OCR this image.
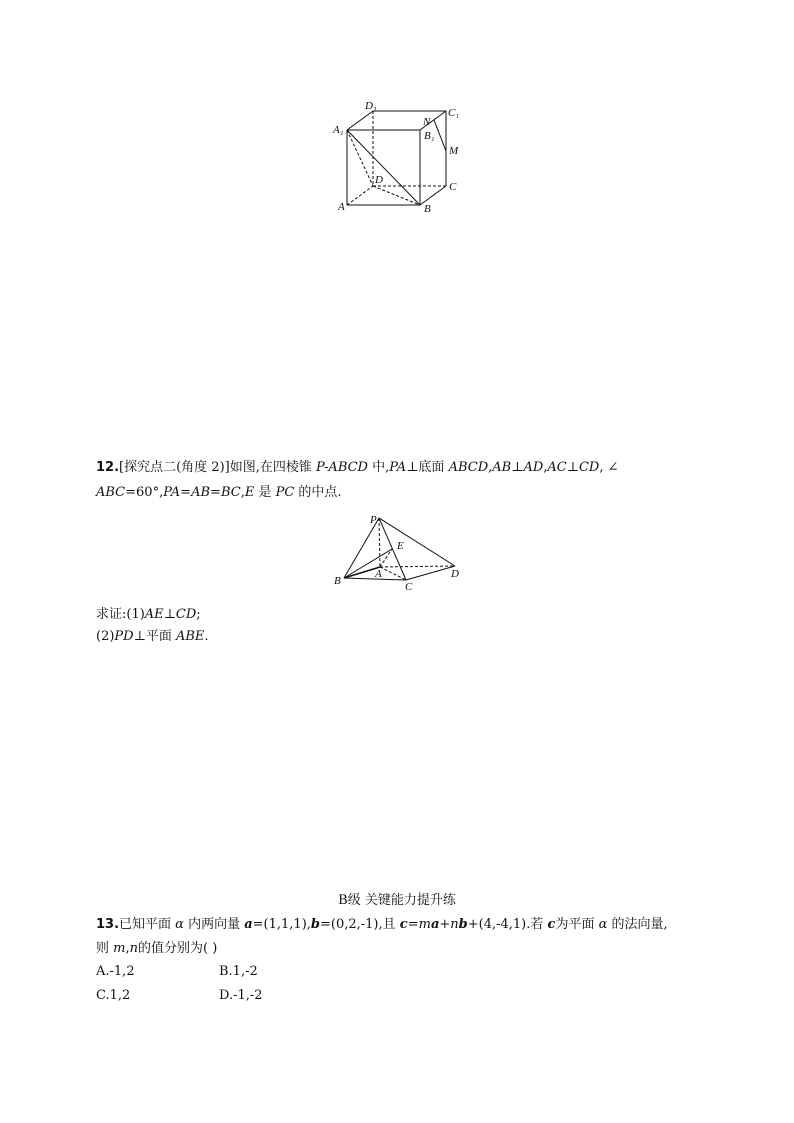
D₁
C₁
A₁
N
B₁
M
D
C
A	B
12.[探究点二(角度 2)]如图,在四棱锥 P-ABCD 中,PA⊥底面 ABCD,AB⊥AD,AC⊥CD, ∠
ABC=60°,PA=AB=BC,E 是 PC 的中点.
P
E
A
B	C
D
求证:(1)AE⊥CD;
(2)PD⊥平面 ABE.
B级 关键能力提升练
13.已知平面 α 内两向量 a=(1,1,1),b=(0,2,-1),且 c=ma+nb+(4,-4,1).若 c为平面 α 的法向量,
则 m,n的值分别为( )
A.-1,2	B.1,-2
C.1,2	D.-1,-2
